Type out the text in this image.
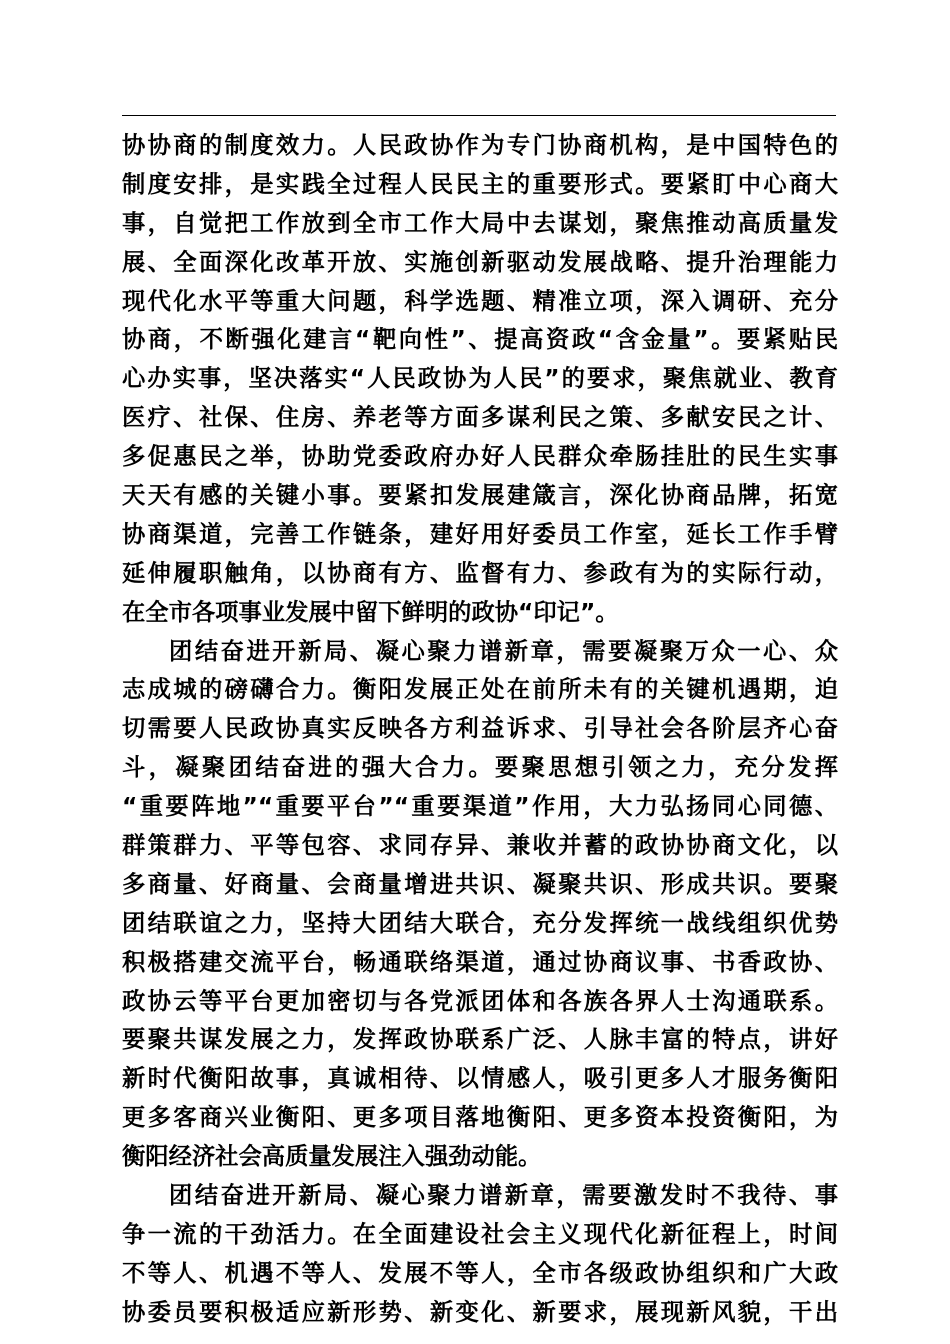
协协商的制度效力。人民政协作为专门协商机构，是中国特色的
制度安排，是实践全过程人民民主的重要形式。要紧盯中心商大
事，自觉把工作放到全市工作大局中去谋划，聚焦推动高质量发
展、全面深化改革开放、实施创新驱动发展战略、提升治理能力
现代化水平等重大问题，科学选题、精准立项，深入调研、充分
协商，不断强化建言“靶向性”、提高资政“含金量”。要紧贴民
心办实事，坚决落实“人民政协为人民”的要求，聚焦就业、教育
医疗、社保、住房、养老等方面多谋利民之策、多献安民之计、
多促惠民之举，协助党委政府办好人民群众牵肠挂肚的民生实事
天天有感的关键小事。要紧扣发展建箴言，深化协商品牌，拓宽
协商渠道，完善工作链条，建好用好委员工作室，延长工作手臂
延伸履职触角，以协商有方、监督有力、参政有为的实际行动，
在全市各项事业发展中留下鲜明的政协“印记”。
团结奋进开新局、凝心聚力谱新章，需要凝聚万众一心、众
志成城的磅礴合力。衡阳发展正处在前所未有的关键机遇期，迫
切需要人民政协真实反映各方利益诉求、引导社会各阶层齐心奋
斗，凝聚团结奋进的强大合力。要聚思想引领之力，充分发挥
“重要阵地”“重要平台”“重要渠道”作用，大力弘扬同心同德、
群策群力、平等包容、求同存异、兼收并蓄的政协协商文化，以
多商量、好商量、会商量增进共识、凝聚共识、形成共识。要聚
团结联谊之力，坚持大团结大联合，充分发挥统一战线组织优势
积极搭建交流平台，畅通联络渠道，通过协商议事、书香政协、
政协云等平台更加密切与各党派团体和各族各界人士沟通联系。
要聚共谋发展之力，发挥政协联系广泛、人脉丰富的特点，讲好
新时代衡阳故事，真诚相待、以情感人，吸引更多人才服务衡阳
更多客商兴业衡阳、更多项目落地衡阳、更多资本投资衡阳，为
衡阳经济社会高质量发展注入强劲动能。
团结奋进开新局、凝心聚力谱新章，需要激发时不我待、事
争一流的干劲活力。在全面建设社会主义现代化新征程上，时间
不等人、机遇不等人、发展不等人，全市各级政协组织和广大政
协委员要积极适应新形势、新变化、新要求，展现新风貌，干出
